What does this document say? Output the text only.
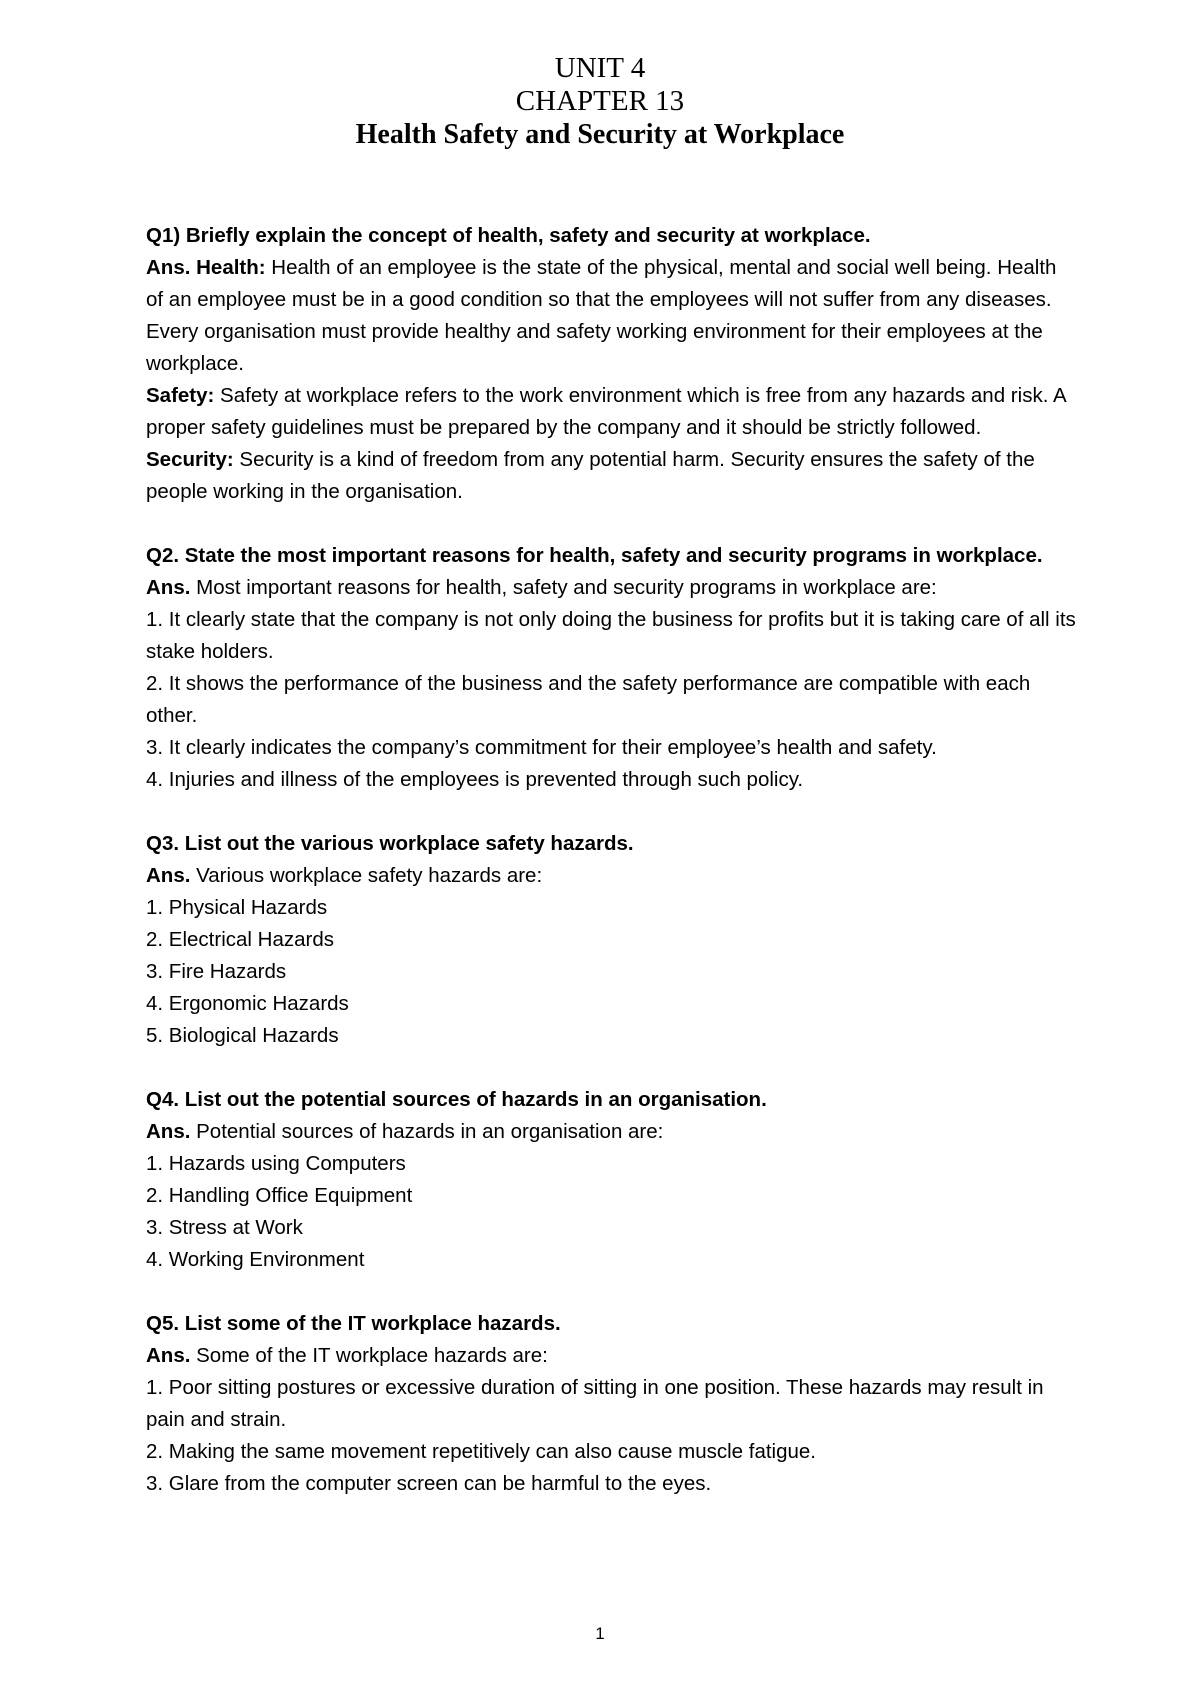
UNIT 4
CHAPTER 13
Health Safety and Security at Workplace
Q1) Briefly explain the concept of health, safety and security at workplace.
Ans. Health: Health of an employee is the state of the physical, mental and social well being. Health of an employee must be in a good condition so that the employees will not suffer from any diseases. Every organisation must provide healthy and safety working environment for their employees at the workplace.
Safety: Safety at workplace refers to the work environment which is free from any hazards and risk. A proper safety guidelines must be prepared by the company and it should be strictly followed.
Security: Security is a kind of freedom from any potential harm. Security ensures the safety of the people working in the organisation.
Q2. State the most important reasons for health, safety and security programs in workplace.
Ans. Most important reasons for health, safety and security programs in workplace are:
1. It clearly state that the company is not only doing the business for profits but it is taking care of all its stake holders.
2. It shows the performance of the business and the safety performance are compatible with each other.
3. It clearly indicates the company’s commitment for their employee’s health and safety.
4. Injuries and illness of the employees is prevented through such policy.
Q3. List out the various workplace safety hazards.
Ans. Various workplace safety hazards are:
1. Physical Hazards
2. Electrical Hazards
3. Fire Hazards
4. Ergonomic Hazards
5. Biological Hazards
Q4. List out the potential sources of hazards in an organisation.
Ans. Potential sources of hazards in an organisation are:
1. Hazards using Computers
2. Handling Office Equipment
3. Stress at Work
4. Working Environment
Q5. List some of the IT workplace hazards.
Ans. Some of the IT workplace hazards are:
1. Poor sitting postures or excessive duration of sitting in one position. These hazards may result in pain and strain.
2. Making the same movement repetitively can also cause muscle fatigue.
3. Glare from the computer screen can be harmful to the eyes.
1
